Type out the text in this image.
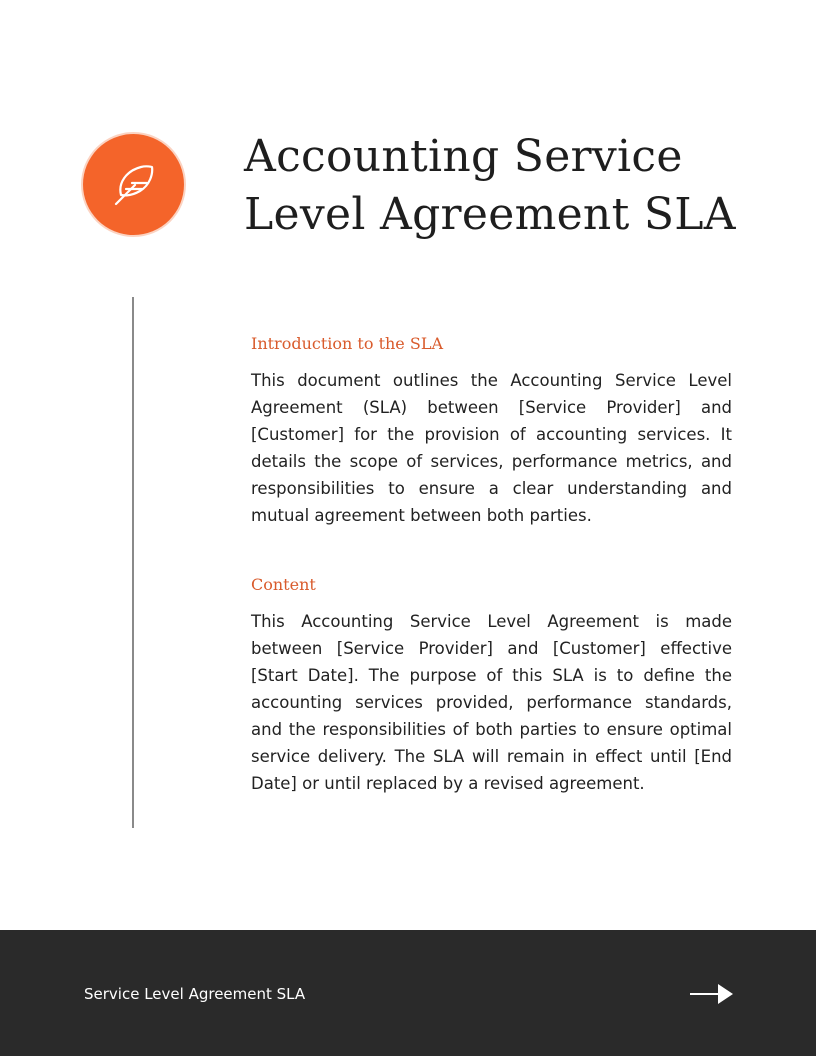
Accounting Service Level Agreement SLA
Introduction to the SLA

This document outlines the Accounting Service Level Agreement (SLA) between [Service Provider] and [Customer] for the provision of accounting services. It details the scope of services, performance metrics, and responsibilities to ensure a clear understanding and mutual agreement between both parties.

Content

This Accounting Service Level Agreement is made between [Service Provider] and [Customer] effective [Start Date]. The purpose of this SLA is to define the accounting services provided, performance standards, and the responsibilities of both parties to ensure optimal service delivery. The SLA will remain in effect until [End Date] or until replaced by a revised agreement.

Service Level Agreement SLA
